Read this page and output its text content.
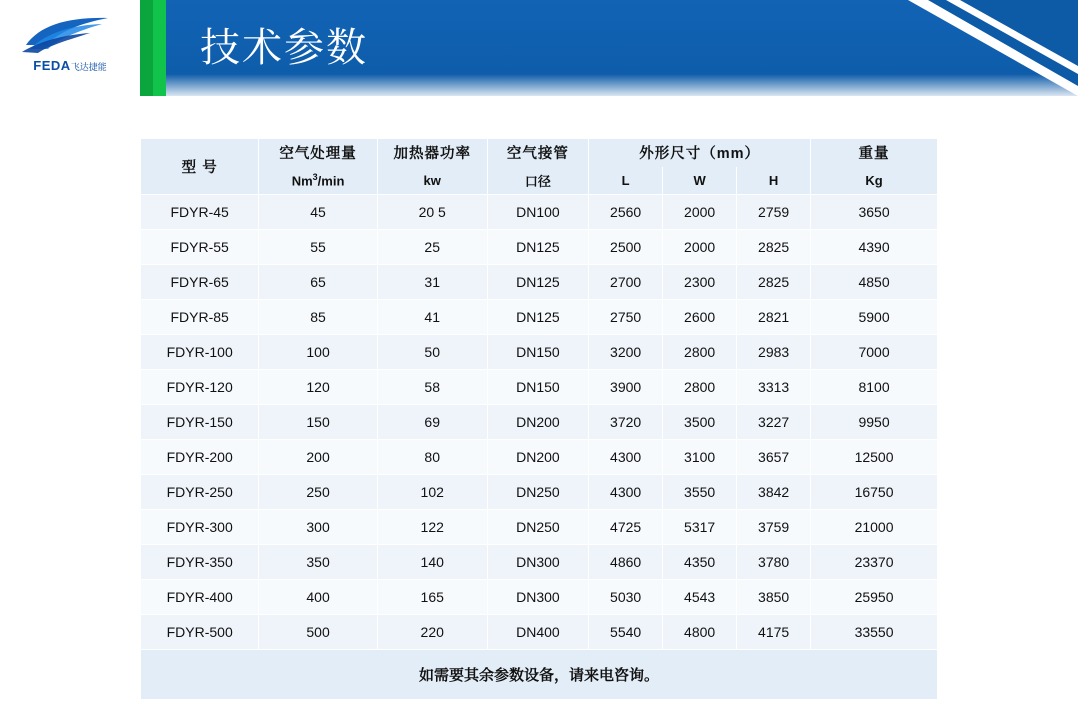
FEDA飞达捷能 技术参数
型 号	空气处理量	加热器功率	空气接管	外形尺寸（mm）			重量
	Nm$^3$/min	kw	口径	L	W	H	Kg
FDYR-45	45	20 5	DN100	2560	2000	2759	3650
FDYR-55	55	25	DN125	2500	2000	2825	4390
FDYR-65	65	31	DN125	2700	2300	2825	4850
FDYR-85	85	41	DN125	2750	2600	2821	5900
FDYR-100	100	50	DN150	3200	2800	2983	7000
FDYR-120	120	58	DN150	3900	2800	3313	8100
FDYR-150	150	69	DN200	3720	3500	3227	9950
FDYR-200	200	80	DN200	4300	3100	3657	12500
FDYR-250	250	102	DN250	4300	3550	3842	16750
FDYR-300	300	122	DN250	4725	5317	3759	21000
FDYR-350	350	140	DN300	4860	4350	3780	23370
FDYR-400	400	165	DN300	5030	4543	3850	25950
FDYR-500	500	220	DN400	5540	4800	4175	33550
如需要其余参数设备，请来电咨询。							
